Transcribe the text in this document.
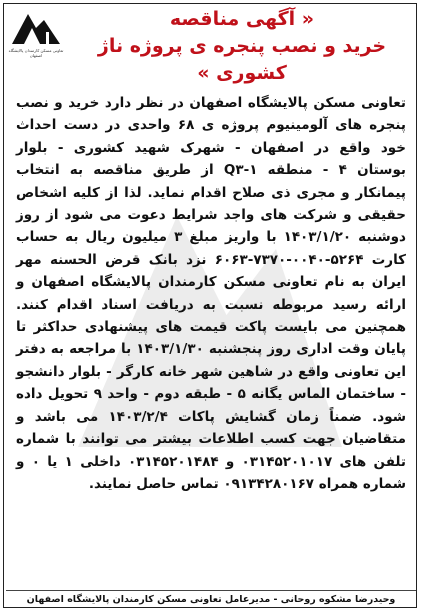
تعاونی مسکن کارمندان پالایشگاه اصفهان
« آگهی مناقصه
خرید و نصب پنجره ی پروژه ناژ کشوری »
تعاونی مسکن پالایشگاه اصفهان در نظر دارد خرید و نصب پنجره های آلومینیوم پروژه ی ۶۸ واحدی در دست احداث خود واقع در اصفهان - شهرک شهید کشوری - بلوار بوستان ۴ - منطقه ۱-Q۳ از طریق مناقصه به انتخاب پیمانکار و مجری ذی صلاح اقدام نماید. لذا از کلیه اشخاص حقیقی و شرکت های واجد شرایط دعوت می شود از روز دوشنبه ۱۴۰۳/۱/۲۰ با واریز مبلغ ۳ میلیون ریال به حساب کارت ۵۲۶۴-۰۰۴۰-۷۳۷۰-۶۰۶۳ نزد بانک قرض الحسنه مهر ایران به نام تعاونی مسکن کارمندان پالایشگاه اصفهان و ارائه رسید مربوطه نسبت به دریافت اسناد اقدام کنند. همچنین می بایست پاکت قیمت های پیشنهادی حداکثر تا پایان وقت اداری روز پنجشنبه ۱۴۰۳/۱/۳۰ با مراجعه به دفتر این تعاونی واقع در شاهین شهر خانه کارگر - بلوار دانشجو - ساختمان الماس یگانه ۵ - طبقه دوم - واحد ۹ تحویل داده شود. ضمناً زمان گشایش پاکات ۱۴۰۳/۲/۴ می باشد و متقاضیان جهت کسب اطلاعات بیشتر می توانند با شماره تلفن های ۰۳۱۴۵۲۰۱۰۱۷ و ۰۳۱۴۵۲۰۱۴۸۴ داخلی ۱ یا ۰ و شماره همراه ۰۹۱۳۴۲۸۰۱۶۷ تماس حاصل نمایند.
وحیدرضا مشکوه روحانی - مدیرعامل تعاونی مسکن کارمندان پالایشگاه اصفهان
